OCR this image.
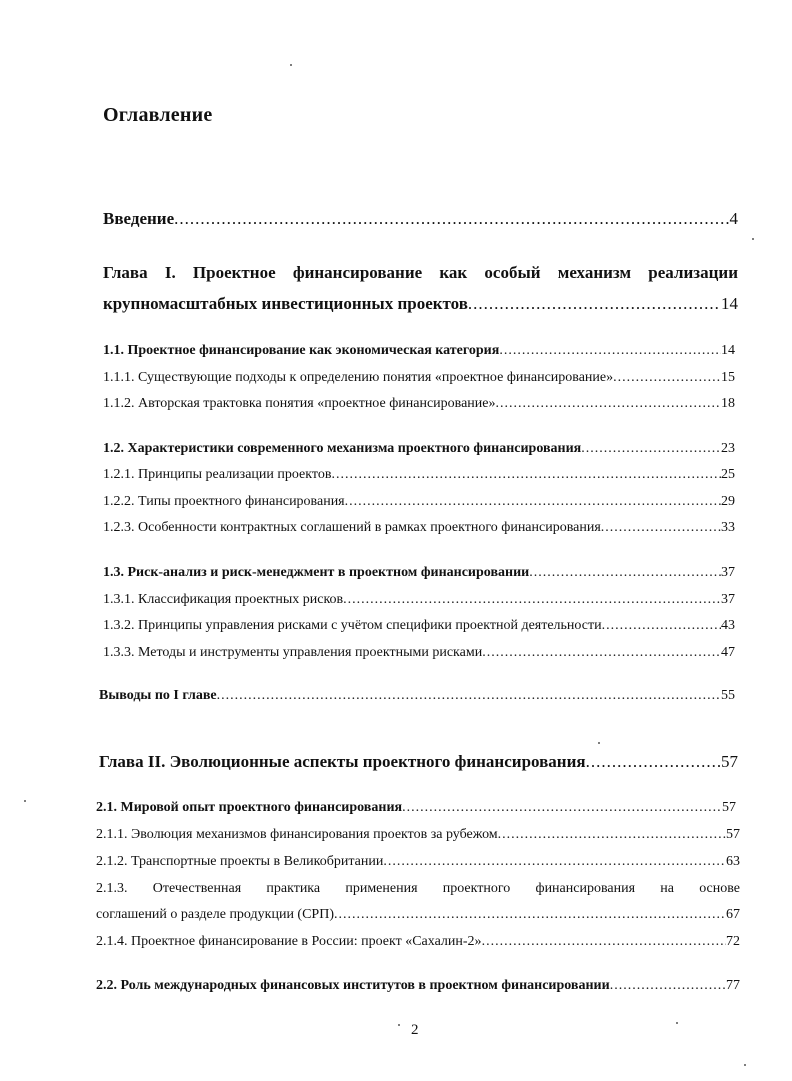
Оглавление
Введение .....	4
Глава I. Проектное финансирование как особый механизм реализации
крупномасштабных инвестиционных проектов .....	14
1.1. Проектное финансирование как экономическая категория .....	14
1.1.1. Существующие подходы к определению понятия «проектное финансирование» .....	15
1.1.2. Авторская трактовка понятия «проектное финансирование» .....	18
1.2. Характеристики современного механизма проектного финансирования .....	23
1.2.1. Принципы реализации проектов .....	25
1.2.2. Типы проектного финансирования .....	29
1.2.3. Особенности контрактных соглашений в рамках проектного финансирования .....	33
1.3. Риск-анализ и риск-менеджмент в проектном финансировании .....	37
1.3.1. Классификация проектных рисков .....	37
1.3.2. Принципы управления рисками с учётом специфики проектной деятельности .....	43
1.3.3. Методы и инструменты управления проектными рисками .....	47
Выводы по I главе .....	55
Глава II. Эволюционные аспекты проектного финансирования .....	57
2.1. Мировой опыт проектного финансирования .....	57
2.1.1. Эволюция механизмов финансирования проектов за рубежом .....	57
2.1.2. Транспортные проекты в Великобритании .....	63
2.1.3. Отечественная практика применения проектного финансирования на основе
соглашений о разделе продукции (СРП) .....	67
2.1.4. Проектное финансирование в России: проект «Сахалин-2» .....	72
2.2. Роль международных финансовых институтов в проектном финансировании .....	77
2
